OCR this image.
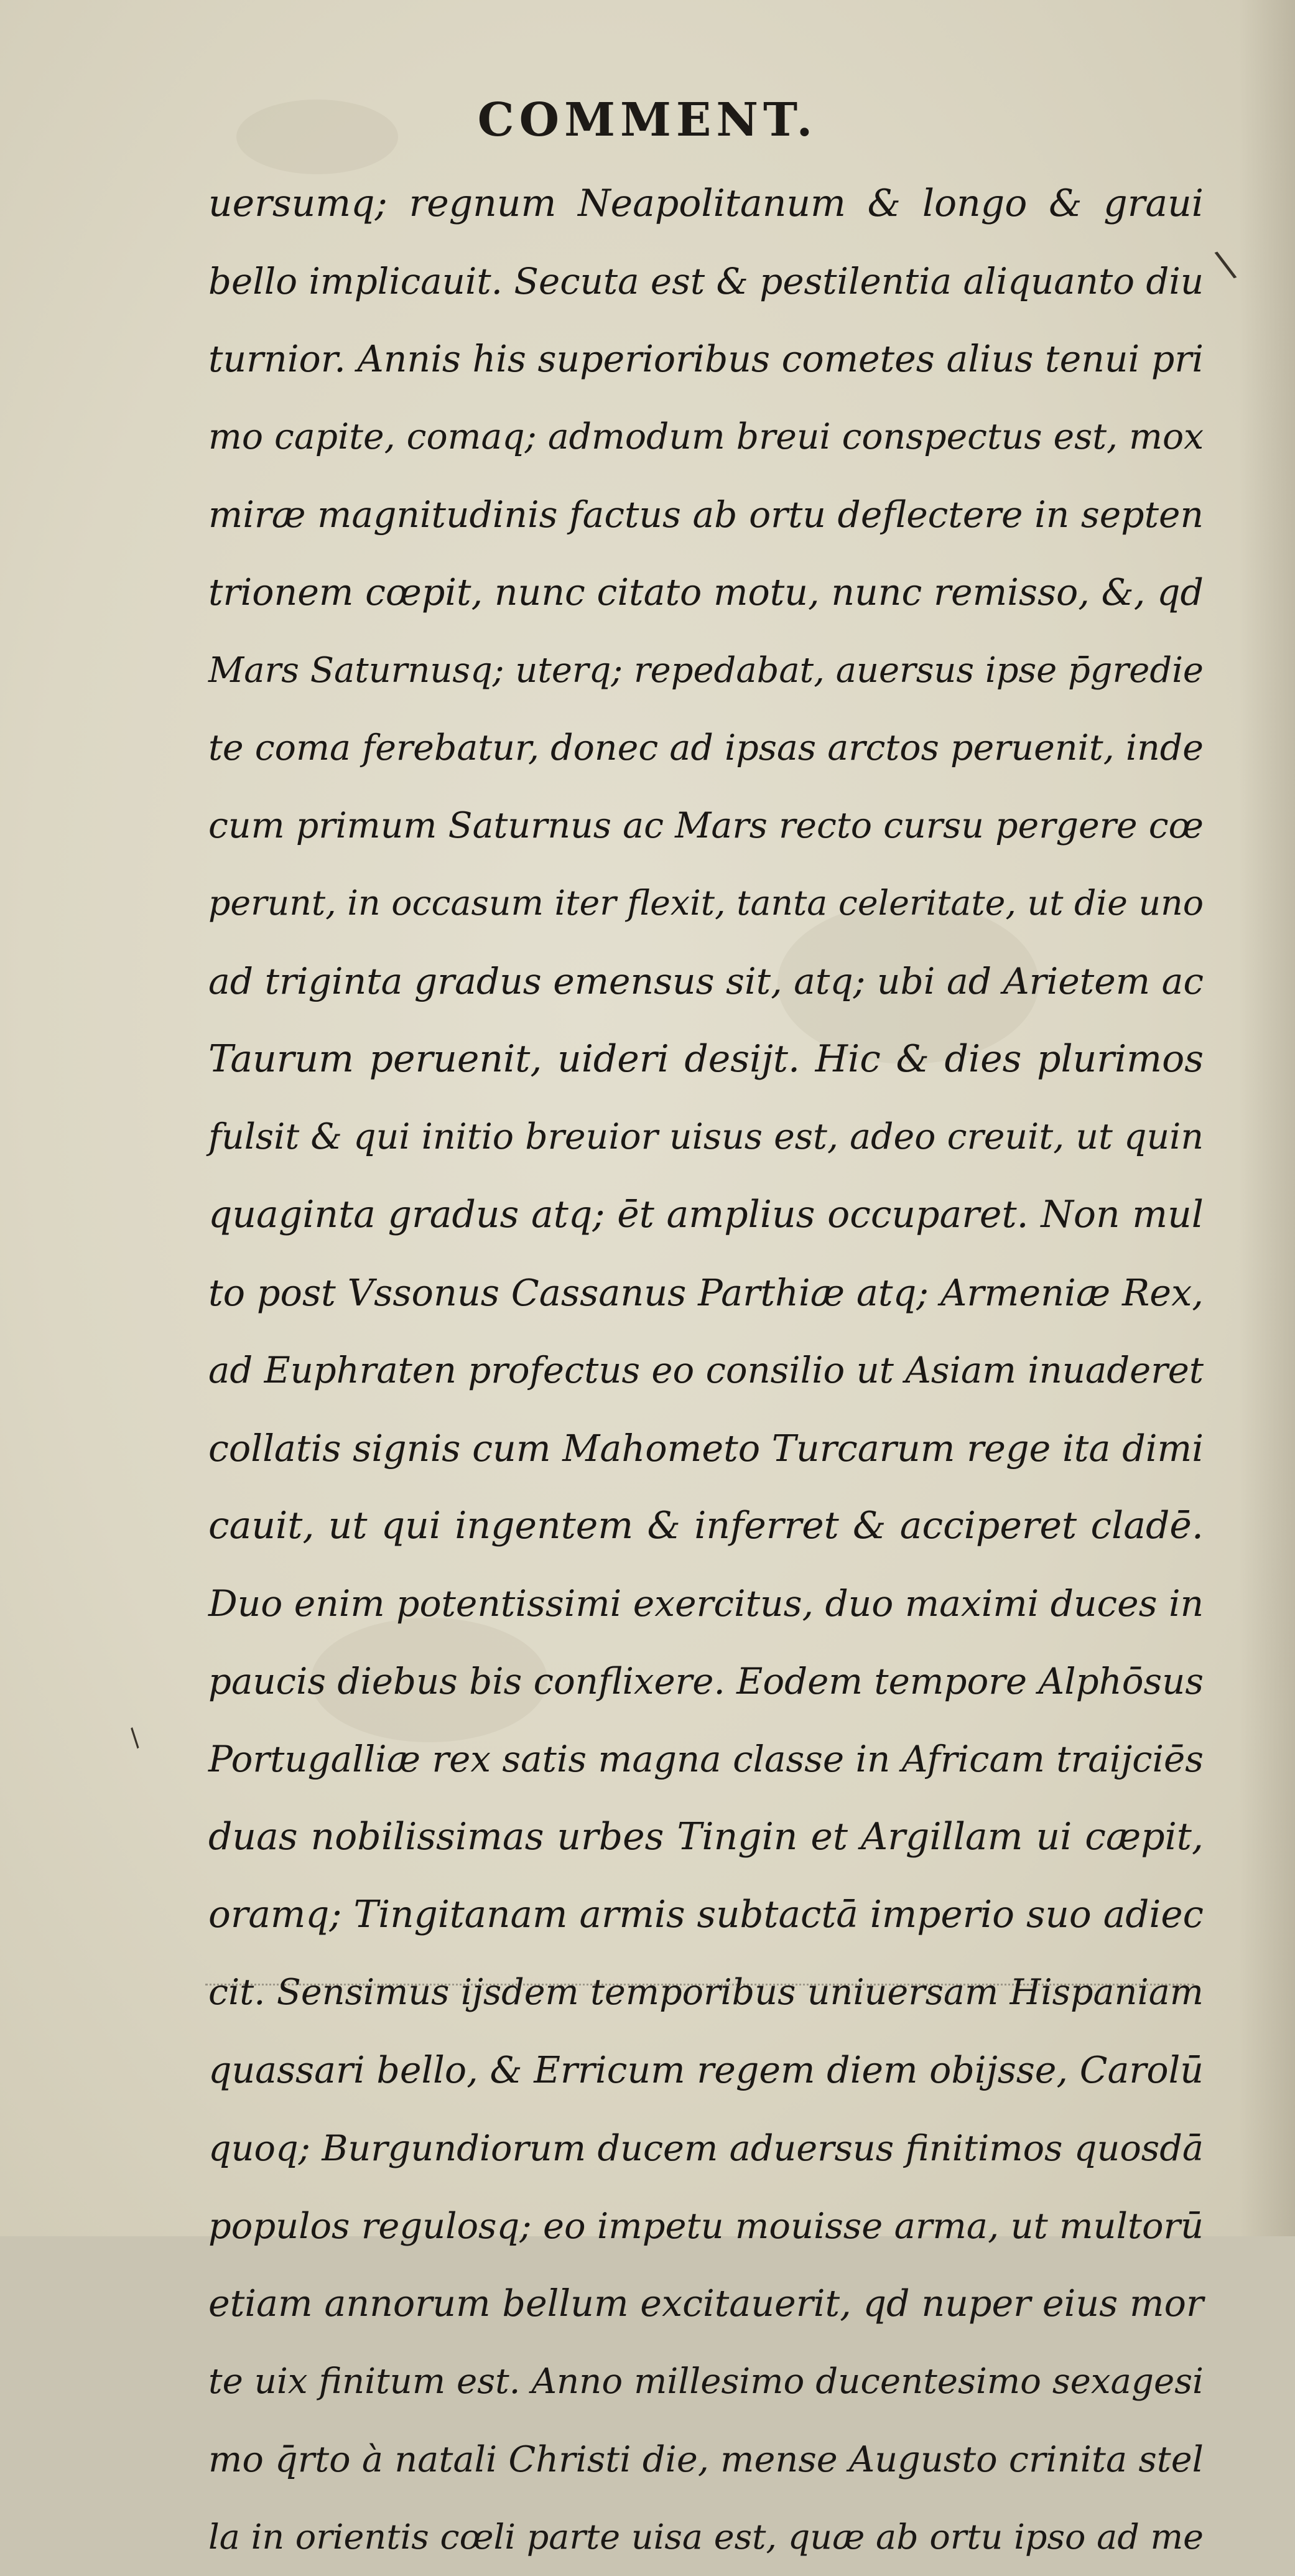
COMMENT.
uersumq; regnum Neapolitanum & longo & graui
bello implicauit. Secuta est & pestilentia aliquanto diu
turnior. Annis his superioribus cometes alius tenui pri
mo capite, comaq; admodum breui conspectus est, mox
miræ magnitudinis factus ab ortu deflectere in septen
trionem cœpit, nunc citato motu, nunc remisso, &, qd
Mars Saturnusq; uterq; repedabat, auersus ipse p̄gredie
te coma ferebatur, donec ad ipsas arctos peruenit, inde
cum primum Saturnus ac Mars recto cursu pergere cœ
perunt, in occasum iter flexit, tanta celeritate, ut die uno
ad triginta gradus emensus sit, atq; ubi ad Arietem ac
Taurum peruenit, uideri desijt. Hic & dies plurimos
fulsit & qui initio breuior uisus est, adeo creuit, ut quin
quaginta gradus atq; ēt amplius occuparet. Non mul
to post Vssonus Cassanus Parthiæ atq; Armeniæ Rex,
ad Euphraten profectus eo consilio ut Asiam inuaderet
collatis signis cum Mahometo Turcarum rege ita dimi
cauit, ut qui ingentem & inferret & acciperet cladē.
Duo enim potentissimi exercitus, duo maximi duces in
paucis diebus bis conflixere. Eodem tempore Alphōsus
Portugalliæ rex satis magna classe in Africam traijciēs
duas nobilissimas urbes Tingin et Argillam ui cæpit,
oramq; Tingitanam armis subtactā imperio suo adiec
cit. Sensimus ijsdem temporibus uniuersam Hispaniam
quassari bello, & Erricum regem diem obijsse, Carolū
quoq; Burgundiorum ducem aduersus finitimos quosdā
populos regulosq; eo impetu mouisse arma, ut multorū
etiam annorum bellum excitauerit, qd nuper eius mor
te uix finitum est. Anno millesimo ducentesimo sexagesi
mo q̄rto à natali Christi die, mense Augusto crinita stel
la in orientis cœli parte uisa est, quæ ab ortu ipso ad me
\
/
